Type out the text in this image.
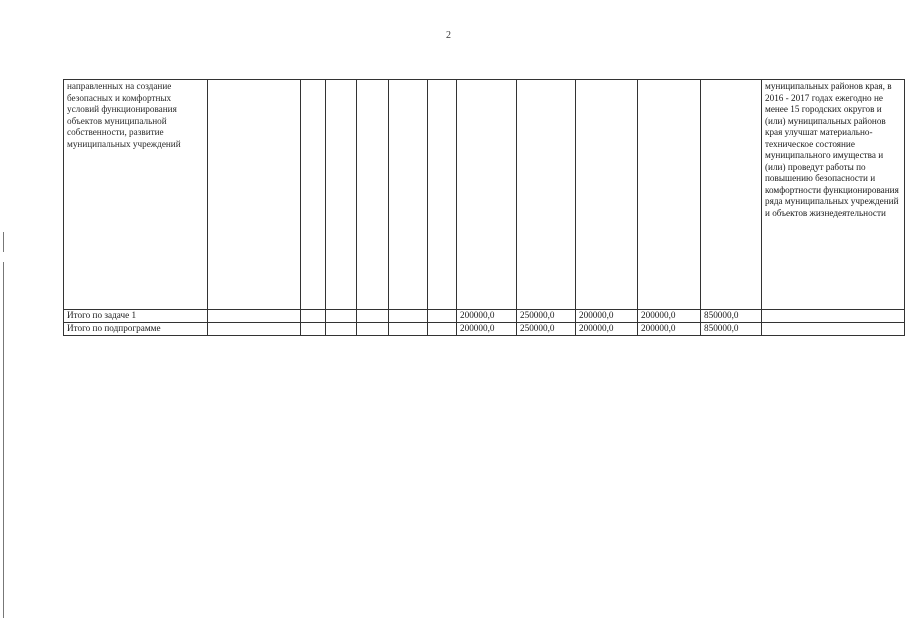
2
направленных на создание безопасных и комфортных условий функционирования объектов муниципальной собственности, развитие муниципальных учреждений												муниципальных районов края, в 2016 - 2017 годах ежегодно не менее 15 городских округов и (или) муниципальных районов края улучшат материально-техническое состояние муниципального имущества и (или) проведут работы по повышению безопасности и комфортности функционирования ряда муниципальных учреждений и объектов жизнедеятельности

Итого по задаче 1							200000,0	250000,0	200000,0	200000,0	850000,0	
Итого по подпрограмме							200000,0	250000,0	200000,0	200000,0	850000,0	
